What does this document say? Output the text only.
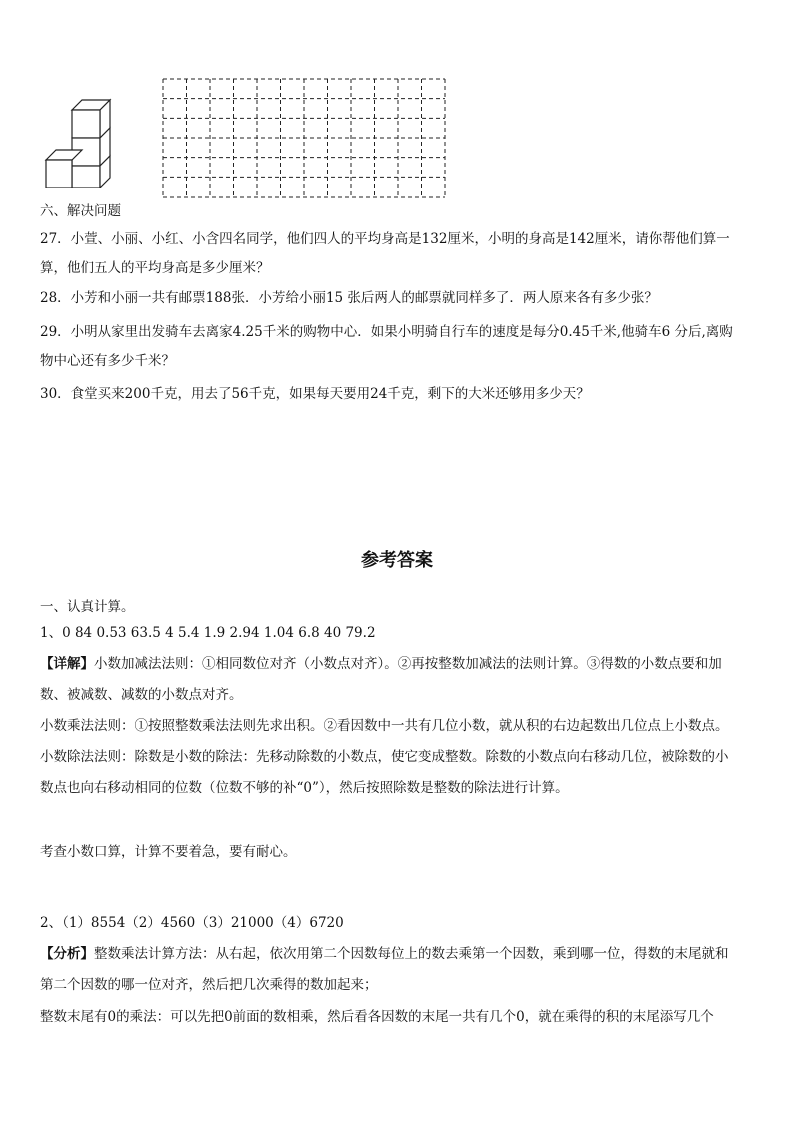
六、解决问题
27．小萱、小丽、小红、小含四名同学，他们四人的平均身高是132厘米，小明的身高是142厘米，请你帮他们算一
算，他们五人的平均身高是多少厘米？
28．小芳和小丽一共有邮票188张．小芳给小丽15 张后两人的邮票就同样多了．两人原来各有多少张？
29．小明从家里出发骑车去离家4.25千米的购物中心．如果小明骑自行车的速度是每分0.45千米,他骑车6 分后,离购
物中心还有多少千米？
30．食堂买来200千克，用去了56千克，如果每天要用24千克，剩下的大米还够用多少天？
参考答案
一、认真计算。
1、0 84 0.53 63.5 4 5.4 1.9 2.94 1.04 6.8 40 79.2
【详解】小数加减法法则：①相同数位对齐（小数点对齐）。②再按整数加减法的法则计算。③得数的小数点要和加
数、被减数、减数的小数点对齐。
小数乘法法则：①按照整数乘法法则先求出积。②看因数中一共有几位小数，就从积的右边起数出几位点上小数点。
小数除法法则：除数是小数的除法：先移动除数的小数点，使它变成整数。除数的小数点向右移动几位，被除数的小
数点也向右移动相同的位数（位数不够的补“0”），然后按照除数是整数的除法进行计算。
考查小数口算，计算不要着急，要有耐心。
2、（1）8554（2）4560（3）21000（4）6720
【分析】整数乘法计算方法：从右起，依次用第二个因数每位上的数去乘第一个因数，乘到哪一位，得数的末尾就和
第二个因数的哪一位对齐，然后把几次乘得的数加起来；
整数末尾有0的乘法：可以先把0前面的数相乘，然后看各因数的末尾一共有几个0，就在乘得的积的末尾添写几个
